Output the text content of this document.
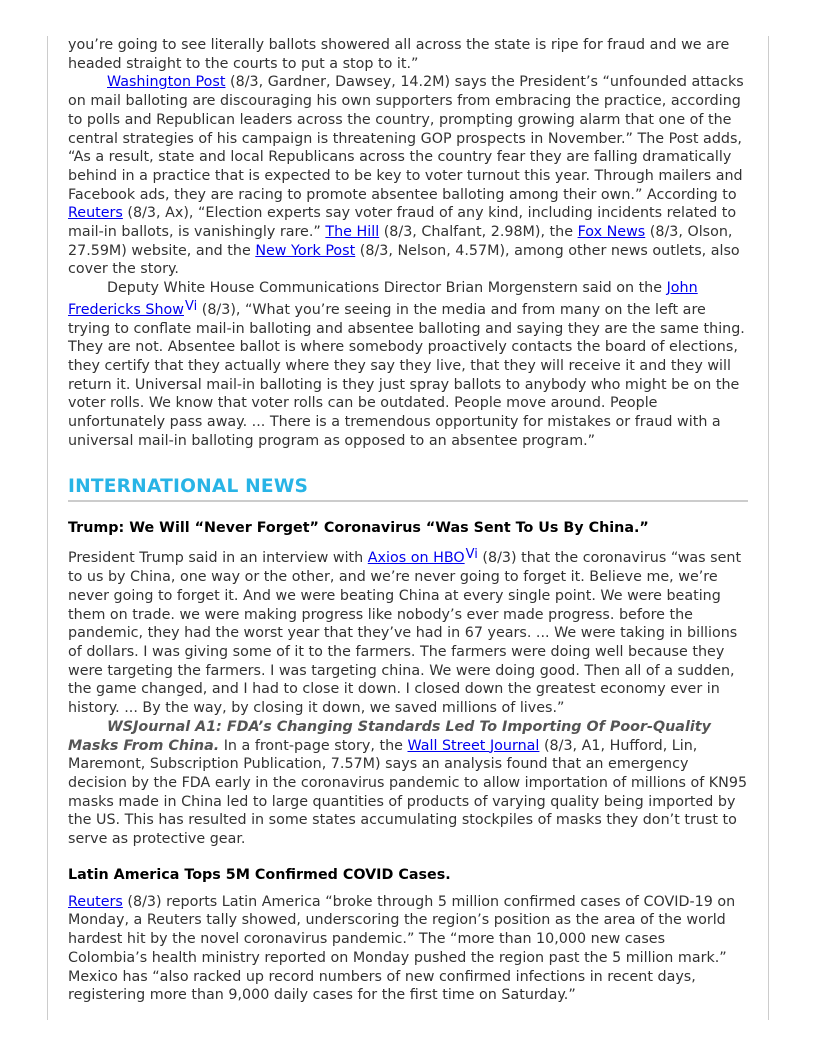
you’re going to see literally ballots showered all across the state is ripe for fraud and we are headed straight to the courts to put a stop to it.”

Washington Post (8/3, Gardner, Dawsey, 14.2M) says the President’s “unfounded attacks on mail balloting are discouraging his own supporters from embracing the practice, according to polls and Republican leaders across the country, prompting growing alarm that one of the central strategies of his campaign is threatening GOP prospects in November.” The Post adds, “As a result, state and local Republicans across the country fear they are falling dramatically behind in a practice that is expected to be key to voter turnout this year. Through mailers and Facebook ads, they are racing to promote absentee balloting among their own.” According to Reuters (8/3, Ax), “Election experts say voter fraud of any kind, including incidents related to mail-in ballots, is vanishingly rare.” The Hill (8/3, Chalfant, 2.98M), the Fox News (8/3, Olson, 27.59M) website, and the New York Post (8/3, Nelson, 4.57M), among other news outlets, also cover the story.

Deputy White House Communications Director Brian Morgenstern said on the John Fredericks ShowVi (8/3), “What you’re seeing in the media and from many on the left are trying to conflate mail-in balloting and absentee balloting and saying they are the same thing. They are not. Absentee ballot is where somebody proactively contacts the board of elections, they certify that they actually where they say they live, that they will receive it and they will return it. Universal mail-in balloting is they just spray ballots to anybody who might be on the voter rolls. We know that voter rolls can be outdated. People move around. People unfortunately pass away. ... There is a tremendous opportunity for mistakes or fraud with a universal mail-in balloting program as opposed to an absentee program.”

INTERNATIONAL NEWS
Trump: We Will “Never Forget” Coronavirus “Was Sent To Us By China.”

President Trump said in an interview with Axios on HBOVi (8/3) that the coronavirus “was sent to us by China, one way or the other, and we’re never going to forget it. Believe me, we’re never going to forget it. And we were beating China at every single point. We were beating them on trade. we were making progress like nobody’s ever made progress. before the pandemic, they had the worst year that they’ve had in 67 years. ... We were taking in billions of dollars. I was giving some of it to the farmers. The farmers were doing well because they were targeting the farmers. I was targeting china. We were doing good. Then all of a sudden, the game changed, and I had to close it down. I closed down the greatest economy ever in history. ... By the way, by closing it down, we saved millions of lives.”

WSJournal A1: FDA’s Changing Standards Led To Importing Of Poor-Quality Masks From China. In a front-page story, the Wall Street Journal (8/3, A1, Hufford, Lin, Maremont, Subscription Publication, 7.57M) says an analysis found that an emergency decision by the FDA early in the coronavirus pandemic to allow importation of millions of KN95 masks made in China led to large quantities of products of varying quality being imported by the US. This has resulted in some states accumulating stockpiles of masks they don’t trust to serve as protective gear.

Latin America Tops 5M Confirmed COVID Cases.

Reuters (8/3) reports Latin America “broke through 5 million confirmed cases of COVID-19 on Monday, a Reuters tally showed, underscoring the region’s position as the area of the world hardest hit by the novel coronavirus pandemic.” The “more than 10,000 new cases Colombia’s health ministry reported on Monday pushed the region past the 5 million mark.” Mexico has “also racked up record numbers of new confirmed infections in recent days, registering more than 9,000 daily cases for the first time on Saturday.”
